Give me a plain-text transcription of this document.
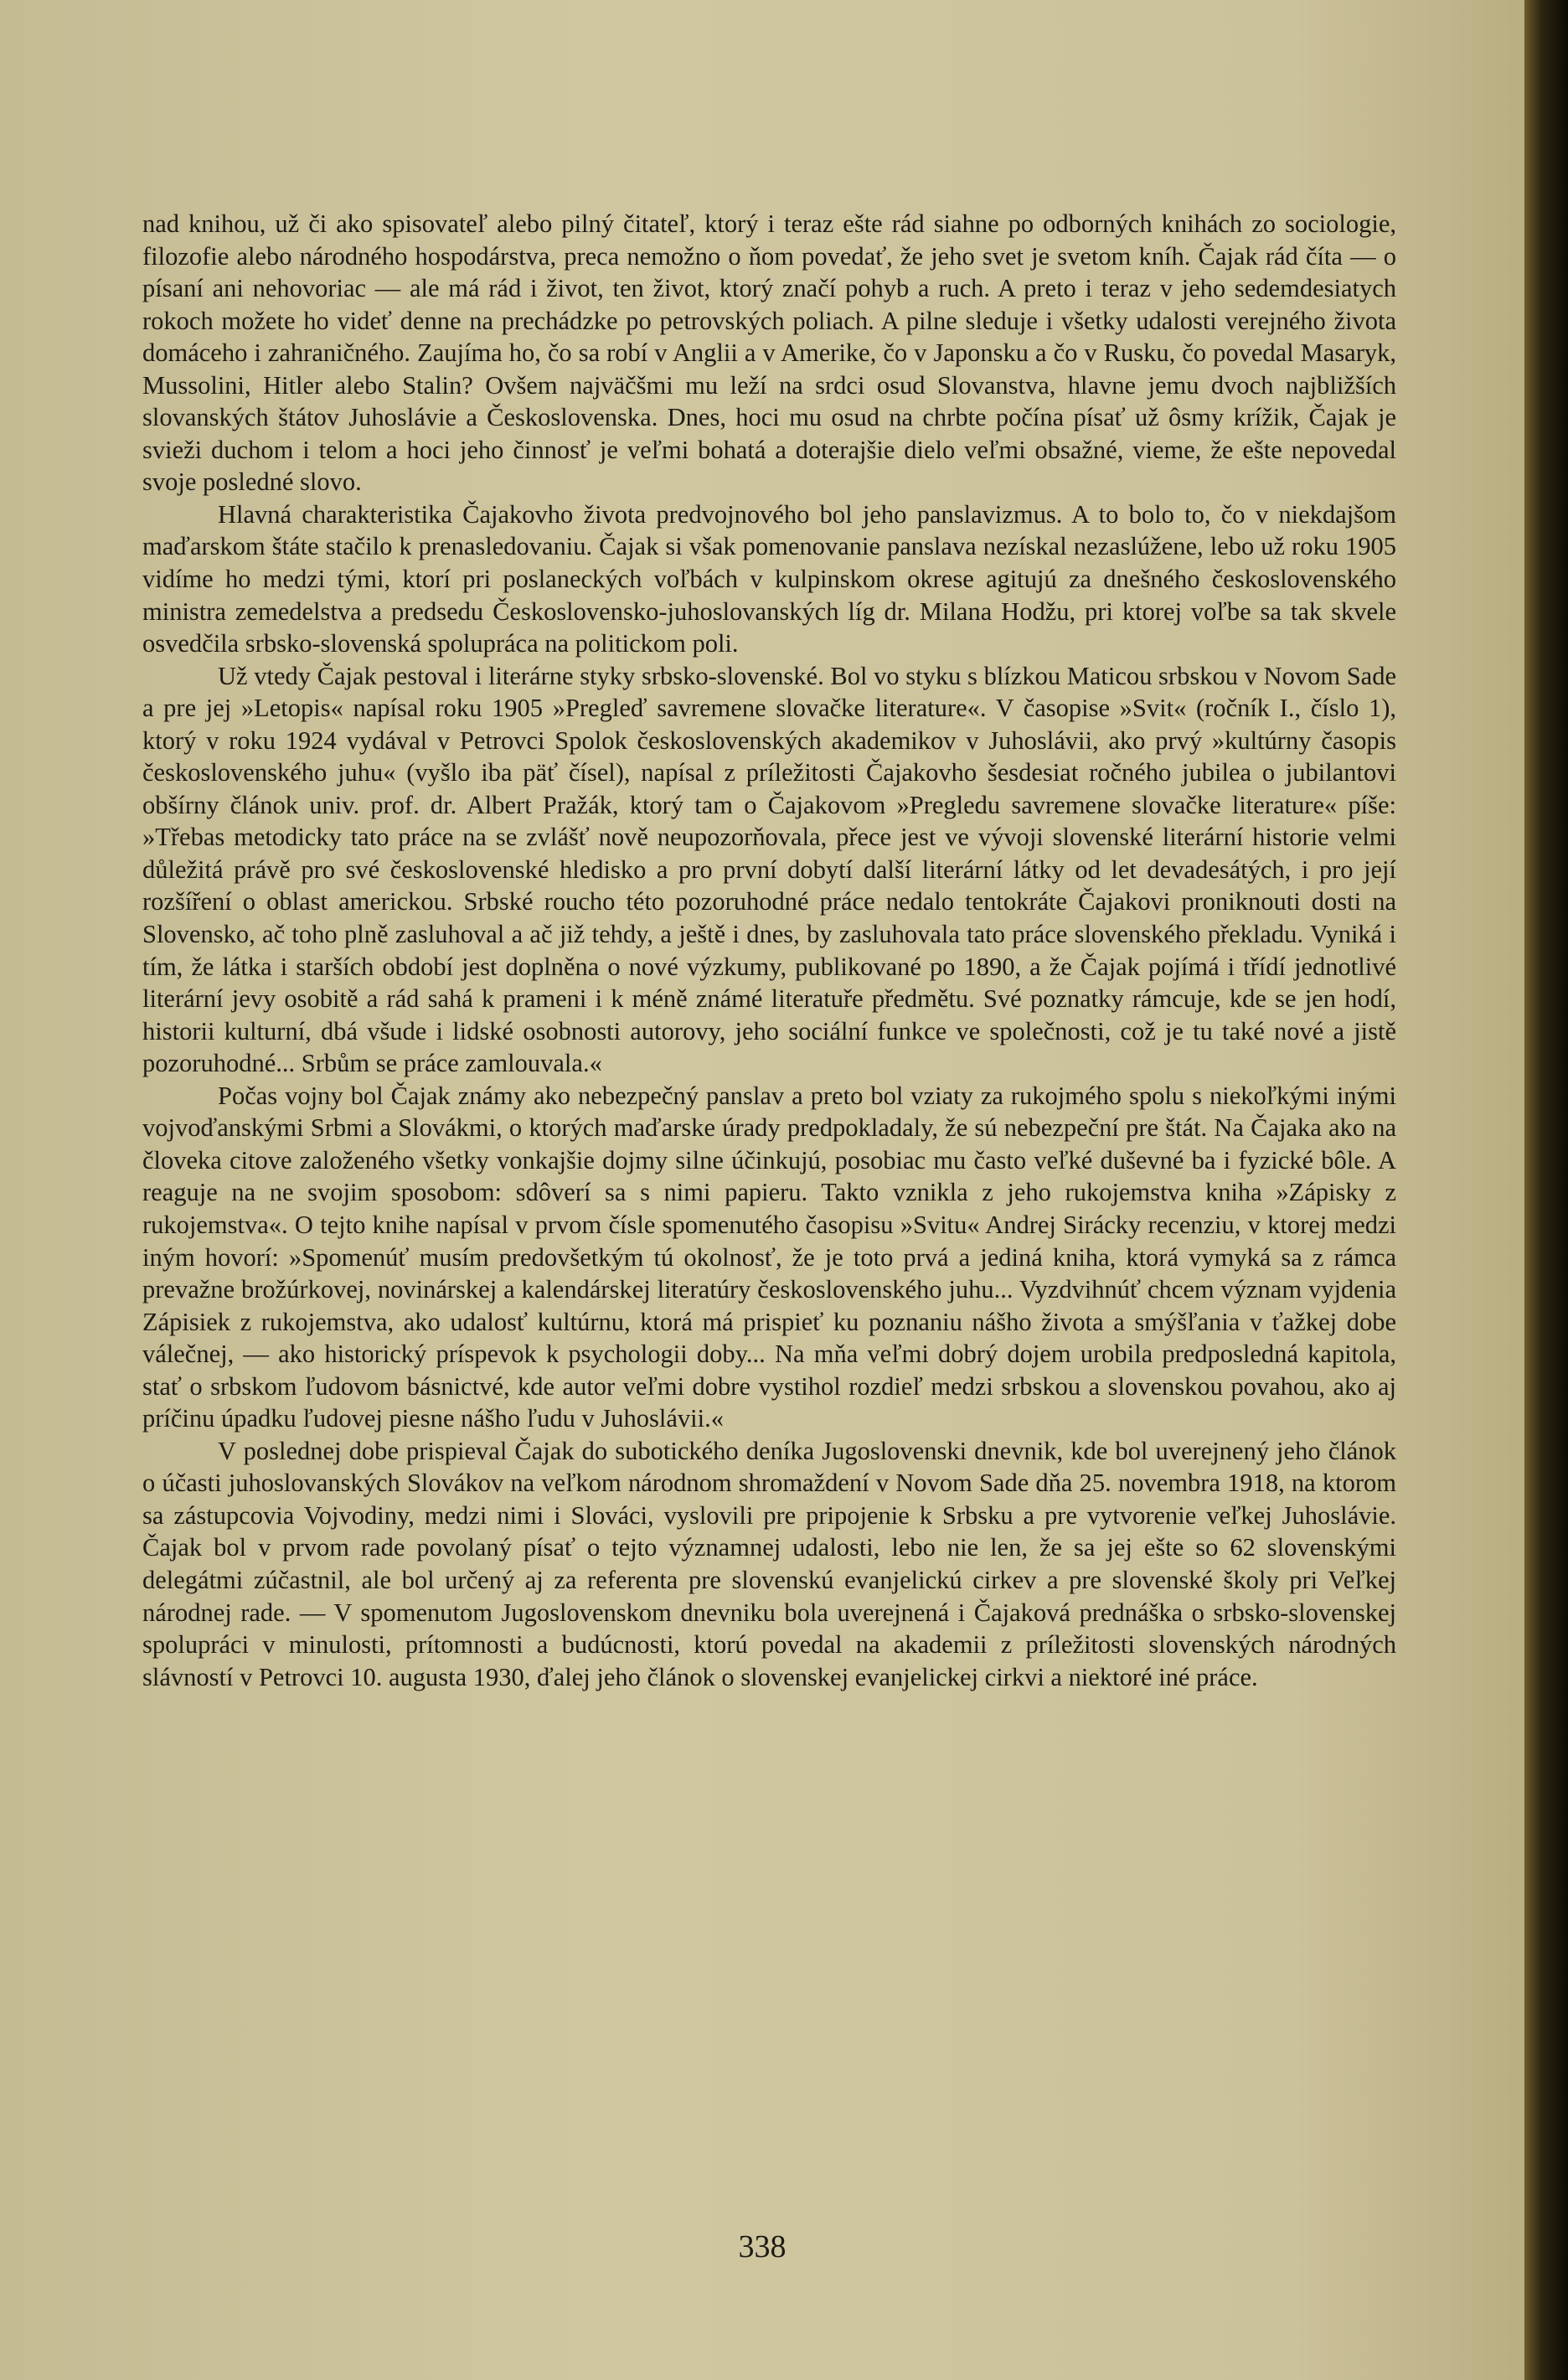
nad knihou, už či ako spisovateľ alebo pilný čitateľ, ktorý i teraz ešte rád siahne po odborných knihách zo sociologie, filozofie alebo národného hospodárstva, preca nemožno o ňom povedať, že jeho svet je svetom kníh. Čajak rád číta — o písaní ani nehovoriac — ale má rád i život, ten život, ktorý značí pohyb a ruch. A preto i teraz v jeho sedemdesiatych rokoch možete ho videť denne na prechádzke po petrovských poliach. A pilne sleduje i všetky udalosti verejného života domáceho i zahraničného. Zaujíma ho, čo sa robí v Anglii a v Amerike, čo v Japonsku a čo v Rusku, čo povedal Masaryk, Mussolini, Hitler alebo Stalin? Ovšem najväčšmi mu leží na srdci osud Slovanstva, hlavne jemu dvoch najbližších slovanských štátov Juhoslávie a Československa. Dnes, hoci mu osud na chrbte počína písať už ôsmy krížik, Čajak je svieži duchom i telom a hoci jeho činnosť je veľmi bohatá a doterajšie dielo veľmi obsažné, vieme, že ešte nepovedal svoje posledné slovo.

Hlavná charakteristika Čajakovho života predvojnového bol jeho panslavizmus. A to bolo to, čo v niekdajšom maďarskom štáte stačilo k prenasledovaniu. Čajak si však pomenovanie panslava nezískal nezaslúžene, lebo už roku 1905 vidíme ho medzi tými, ktorí pri poslaneckých voľbách v kulpinskom okrese agitujú za dnešného československého ministra zemedelstva a predsedu Československo-juhoslovanských líg dr. Milana Hodžu, pri ktorej voľbe sa tak skvele osvedčila srbsko-slovenská spolupráca na politickom poli.

Už vtedy Čajak pestoval i literárne styky srbsko-slovenské. Bol vo styku s blízkou Maticou srbskou v Novom Sade a pre jej »Letopis« napísal roku 1905 »Pregleď savremene slovačke literature«. V časopise »Svit« (ročník I., číslo 1), ktorý v roku 1924 vydával v Petrovci Spolok československých akademikov v Juhoslávii, ako prvý »kultúrny časopis československého juhu« (vyšlo iba päť čísel), napísal z príležitosti Čajakovho šesdesiat ročného jubilea o jubilantovi obšírny článok univ. prof. dr. Albert Pražák, ktorý tam o Čajakovom »Pregledu savremene slovačke literature« píše: »Třebas metodicky tato práce na se zvlášť nově neupozorňovala, přece jest ve vývoji slovenské literární historie velmi důležitá právě pro své československé hledisko a pro první dobytí další literární látky od let devadesátých, i pro její rozšíření o oblast americkou. Srbské roucho této pozoruhodné práce nedalo tentokráte Čajakovi proniknouti dosti na Slovensko, ač toho plně zasluhoval a ač již tehdy, a ještě i dnes, by zasluhovala tato práce slovenského překladu. Vyniká i tím, že látka i starších období jest doplněna o nové výzkumy, publikované po 1890, a že Čajak pojímá i třídí jednotlivé literární jevy osobitě a rád sahá k prameni i k méně známé literatuře předmětu. Své poznatky rámcuje, kde se jen hodí, historii kulturní, dbá všude i lidské osobnosti autorovy, jeho sociální funkce ve společnosti, což je tu také nové a jistě pozoruhodné... Srbům se práce zamlouvala.«

Počas vojny bol Čajak známy ako nebezpečný panslav a preto bol vziaty za rukojmého spolu s niekoľkými inými vojvoďanskými Srbmi a Slovákmi, o ktorých maďarske úrady predpokladaly, že sú nebezpeční pre štát. Na Čajaka ako na človeka citove založeného všetky vonkajšie dojmy silne účinkujú, posobiac mu často veľké duševné ba i fyzické bôle. A reaguje na ne svojim sposobom: sdôverí sa s nimi papieru. Takto vznikla z jeho rukojemstva kniha »Zápisky z rukojemstva«. O tejto knihe napísal v prvom čísle spomenutého časopisu »Svitu« Andrej Sirácky recenziu, v ktorej medzi iným hovorí: »Spomenúť musím predovšetkým tú okolnosť, že je toto prvá a jediná kniha, ktorá vymyká sa z rámca prevažne brožúrkovej, novinárskej a kalendárskej literatúry československého juhu... Vyzdvihnúť chcem význam vyjdenia Zápisiek z rukojemstva, ako udalosť kultúrnu, ktorá má prispieť ku poznaniu nášho života a smýšľania v ťažkej dobe válečnej, — ako historický príspevok k psychologii doby... Na mňa veľmi dobrý dojem urobila predposledná kapitola, stať o srbskom ľudovom básnictvé, kde autor veľmi dobre vystihol rozdieľ medzi srbskou a slovenskou povahou, ako aj príčinu úpadku ľudovej piesne nášho ľudu v Juhoslávii.«

V poslednej dobe prispieval Čajak do subotického deníka Jugoslovenski dnevnik, kde bol uverejnený jeho článok o účasti juhoslovanských Slovákov na veľkom národnom shromaždení v Novom Sade dňa 25. novembra 1918, na ktorom sa zástupcovia Vojvodiny, medzi nimi i Slováci, vyslovili pre pripojenie k Srbsku a pre vytvorenie veľkej Juhoslávie. Čajak bol v prvom rade povolaný písať o tejto významnej udalosti, lebo nie len, že sa jej ešte so 62 slovenskými delegátmi zúčastnil, ale bol určený aj za referenta pre slovenskú evanjelickú cirkev a pre slovenské školy pri Veľkej národnej rade. — V spomenutom Jugoslovenskom dnevniku bola uverejnená i Čajaková prednáška o srbsko-slovenskej spolupráci v minulosti, prítomnosti a budúcnosti, ktorú povedal na akademii z príležitosti slovenských národných slávností v Petrovci 10. augusta 1930, ďalej jeho článok o slovenskej evanjelickej cirkvi a niektoré iné práce.

338
